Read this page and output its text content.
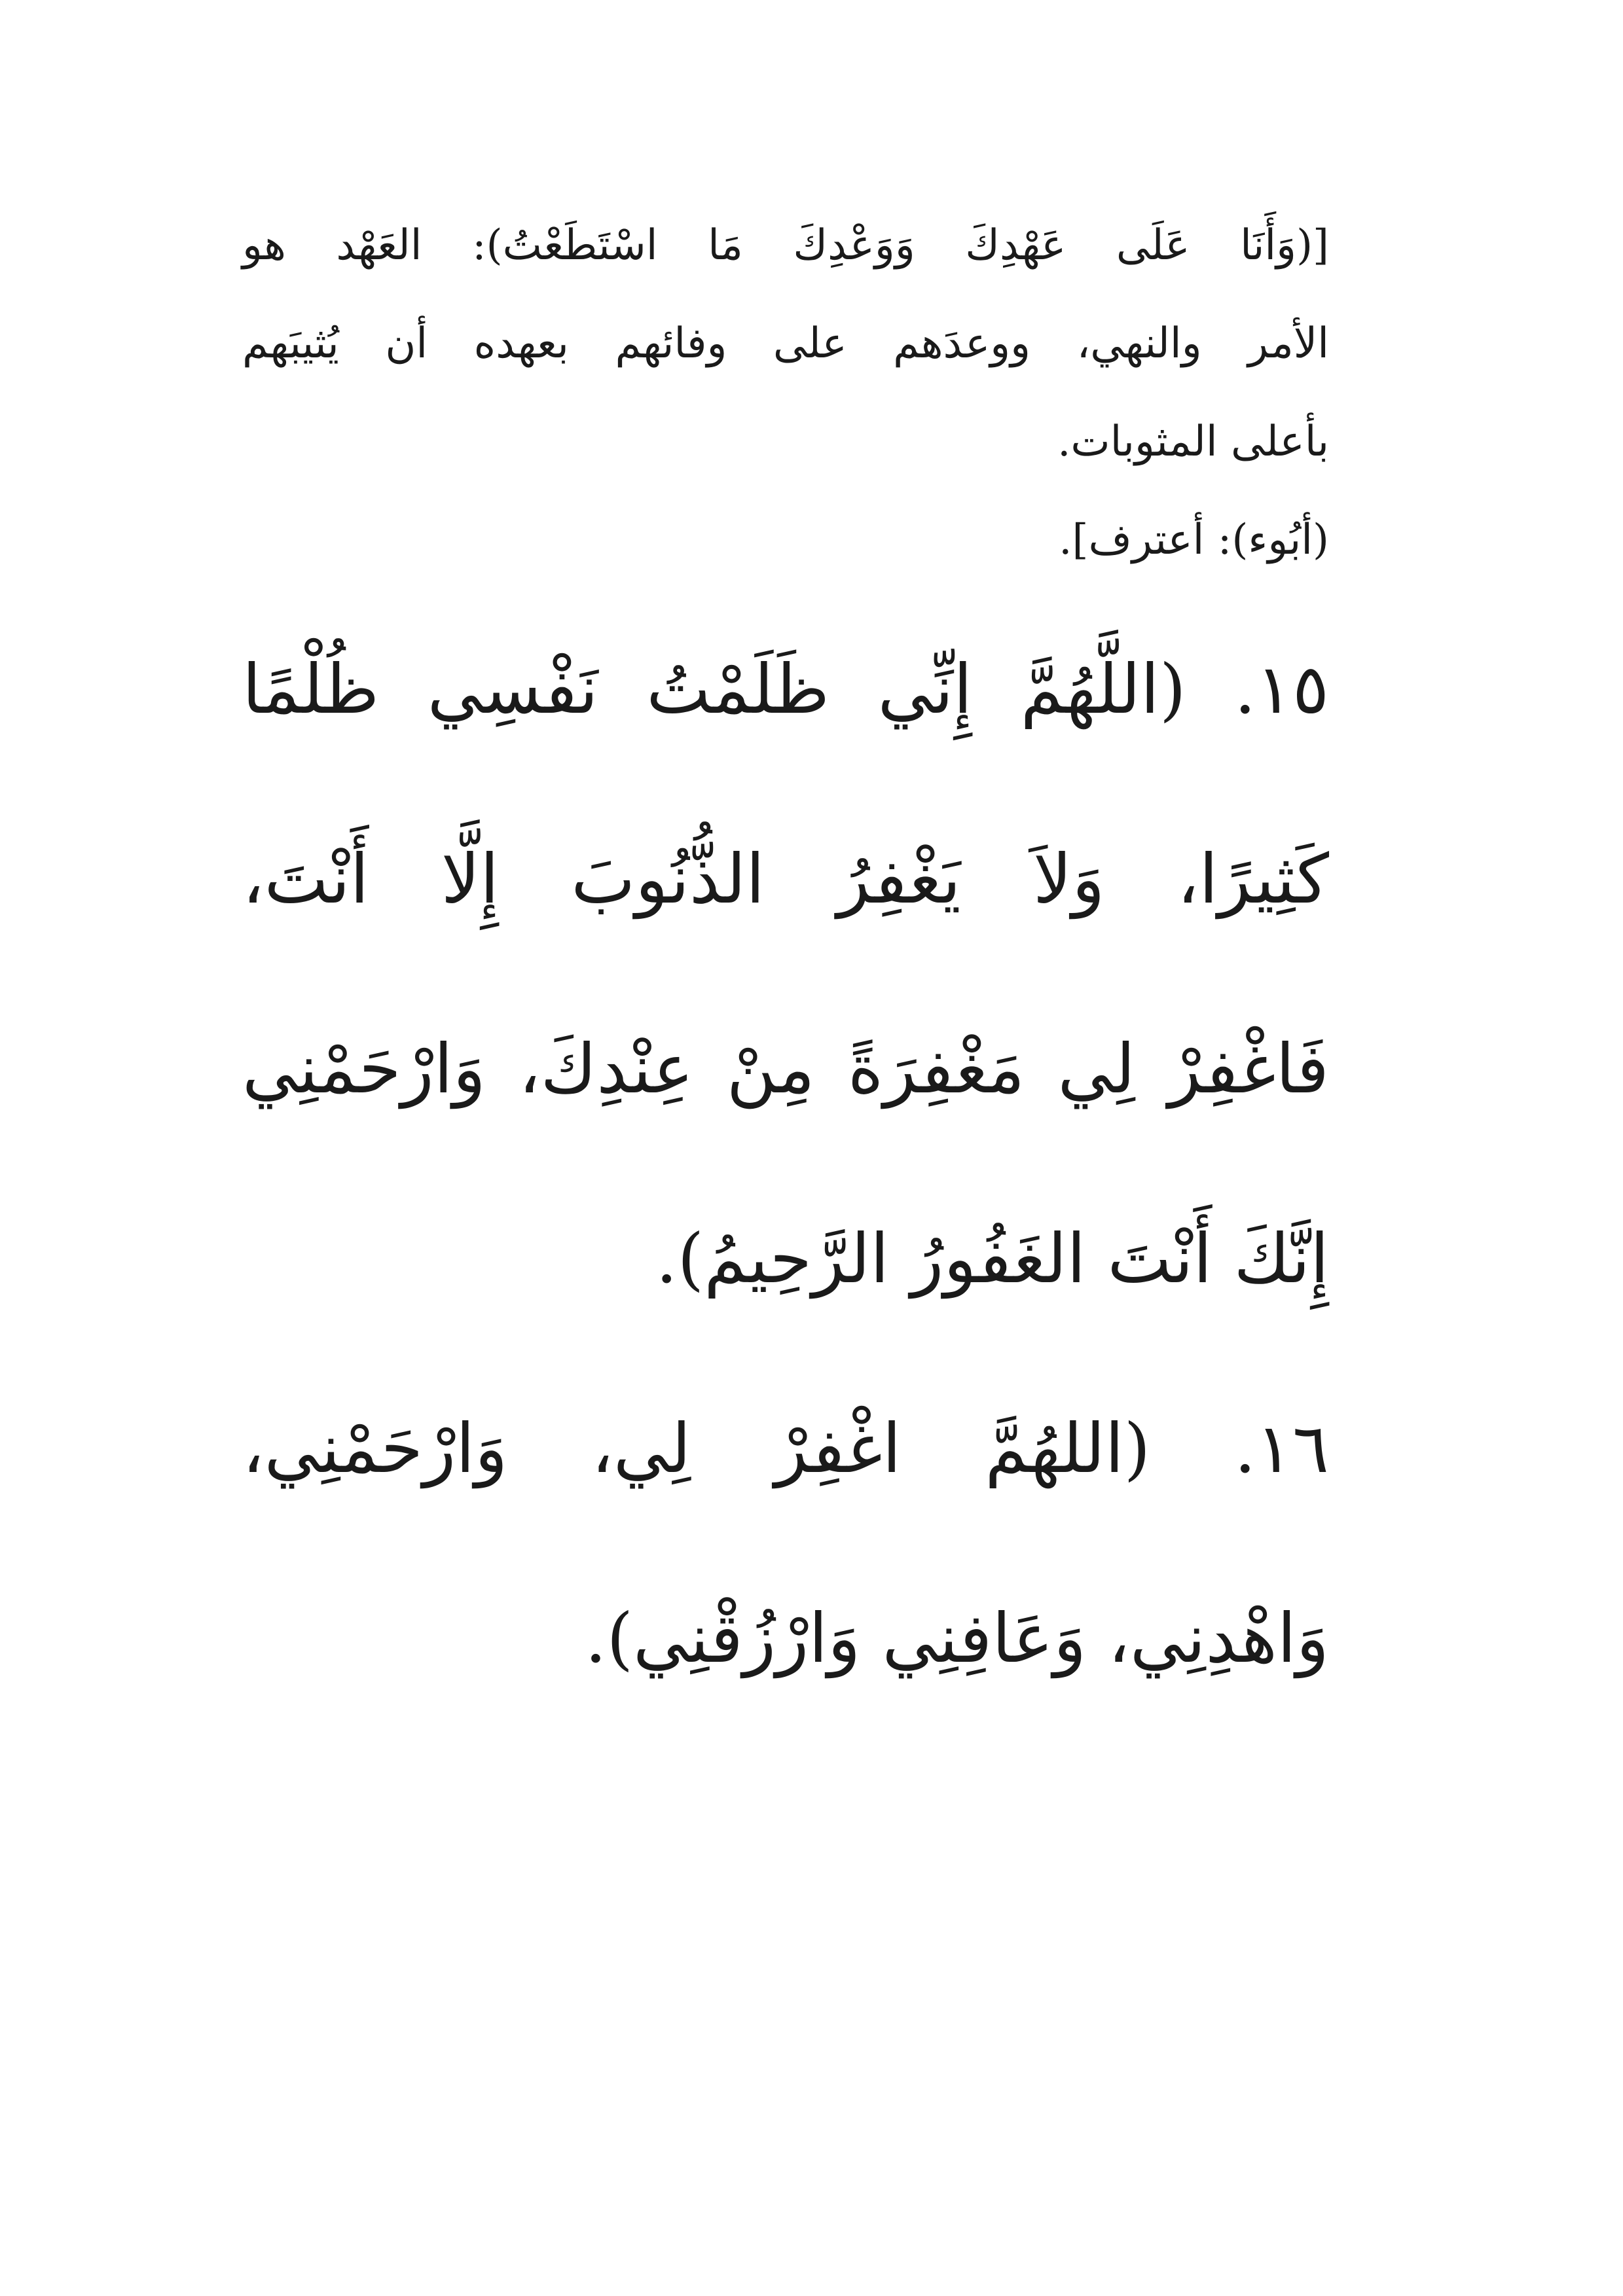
[(وَأَنَا عَلَى عَهْدِكَ وَوَعْدِكَ مَا اسْتَطَعْتُ): العَهْد هو
الأمر والنهي، ووعدَهم على وفائهم بعهده أن يُثيبَهم
بأعلى المثوبات.
(أبُوء): أعترف].
١٥. (اللَّهُمَّ إِنِّي ظَلَمْتُ نَفْسِي ظُلْمًا
كَثِيرًا، وَلاَ يَغْفِرُ الذُّنُوبَ إِلَّا أَنْتَ،
فَاغْفِرْ لِي مَغْفِرَةً مِنْ عِنْدِكَ، وَارْحَمْنِي
إِنَّكَ أَنْتَ الغَفُورُ الرَّحِيمُ).
١٦. (اللهُمَّ اغْفِرْ لِي، وَارْحَمْنِي،
وَاهْدِنِي، وَعَافِنِي وَارْزُقْنِي).
